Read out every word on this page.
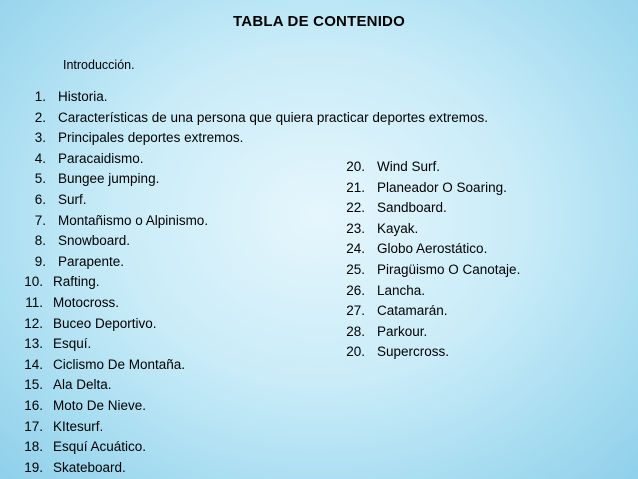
TABLA DE CONTENIDO
Introducción.
1. Historia.
2. Características de una persona que quiera practicar deportes extremos.
3. Principales deportes extremos.
4. Paracaidismo.
5. Bungee jumping.
6. Surf.
7. Montañismo o Alpinismo.
8. Snowboard.
9. Parapente.
10. Rafting.
11. Motocross.
12. Buceo Deportivo.
13. Esquí.
14. Ciclismo De Montaña.
15. Ala Delta.
16. Moto De Nieve.
17. KItesurf.
18. Esquí Acuático.
19. Skateboard.
20. Wind Surf.
21. Planeador O Soaring.
22. Sandboard.
23. Kayak.
24. Globo Aerostático.
25. Piragüismo O Canotaje.
26. Lancha.
27. Catamarán.
28. Parkour.
20. Supercross.
